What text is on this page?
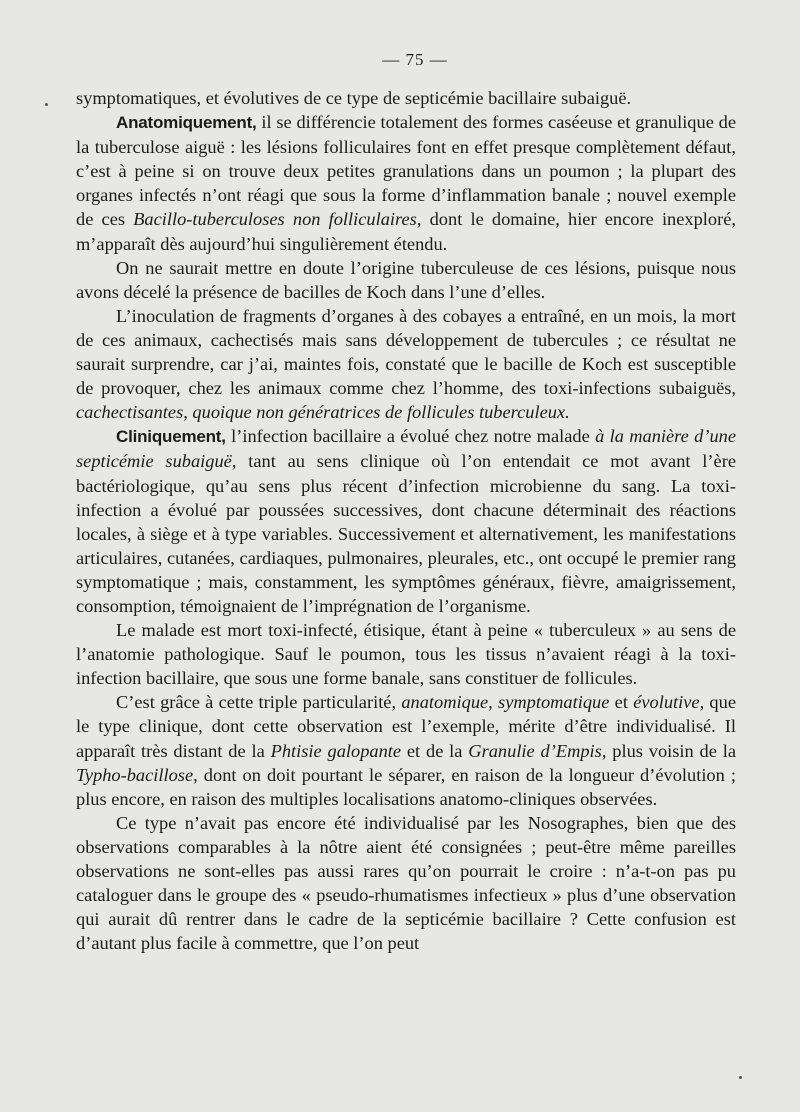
— 75 —

symptomatiques, et évolutives de ce type de septicémie bacillaire subaiguë.

Anatomiquement, il se différencie totalement des formes caséeuse et granulique de la tuberculose aiguë : les lésions folliculaires font en effet presque complètement défaut, c’est à peine si on trouve deux petites granulations dans un poumon ; la plupart des organes infectés n’ont réagi que sous la forme d’inflammation banale ; nouvel exemple de ces Bacillo-tuberculoses non folliculaires, dont le domaine, hier encore inexploré, m’apparaît dès aujourd’hui singulièrement étendu.

On ne saurait mettre en doute l’origine tuberculeuse de ces lésions, puisque nous avons décelé la présence de bacilles de Koch dans l’une d’elles.

L’inoculation de fragments d’organes à des cobayes a entraîné, en un mois, la mort de ces animaux, cachectisés mais sans développement de tubercules ; ce résultat ne saurait surprendre, car j’ai, maintes fois, constaté que le bacille de Koch est susceptible de provoquer, chez les animaux comme chez l’homme, des toxi-infections subaiguës, cachectisantes, quoique non génératrices de follicules tuberculeux.

Cliniquement, l’infection bacillaire a évolué chez notre malade à la manière d’une septicémie subaiguë, tant au sens clinique où l’on entendait ce mot avant l’ère bactériologique, qu’au sens plus récent d’infection microbienne du sang. La toxi-infection a évolué par poussées successives, dont chacune déterminait des réactions locales, à siège et à type variables. Successivement et alternativement, les manifestations articulaires, cutanées, cardiaques, pulmonaires, pleurales, etc., ont occupé le premier rang symptomatique ; mais, constamment, les symptômes généraux, fièvre, amaigrissement, consomption, témoignaient de l’imprégnation de l’organisme.

Le malade est mort toxi-infecté, étisique, étant à peine « tuberculeux » au sens de l’anatomie pathologique. Sauf le poumon, tous les tissus n’avaient réagi à la toxi-infection bacillaire, que sous une forme banale, sans constituer de follicules.

C’est grâce à cette triple particularité, anatomique, symptomatique et évolutive, que le type clinique, dont cette observation est l’exemple, mérite d’être individualisé. Il apparaît très distant de la Phtisie galopante et de la Granulie d’Empis, plus voisin de la Typho-bacillose, dont on doit pourtant le séparer, en raison de la longueur d’évolution ; plus encore, en raison des multiples localisations anatomo-cliniques observées.

Ce type n’avait pas encore été individualisé par les Nosographes, bien que des observations comparables à la nôtre aient été consignées ; peut-être même pareilles observations ne sont-elles pas aussi rares qu’on pourrait le croire : n’a-t-on pas pu cataloguer dans le groupe des « pseudo-rhumatismes infectieux » plus d’une observation qui aurait dû rentrer dans le cadre de la septicémie bacillaire ? Cette confusion est d’autant plus facile à commettre, que l’on peut
